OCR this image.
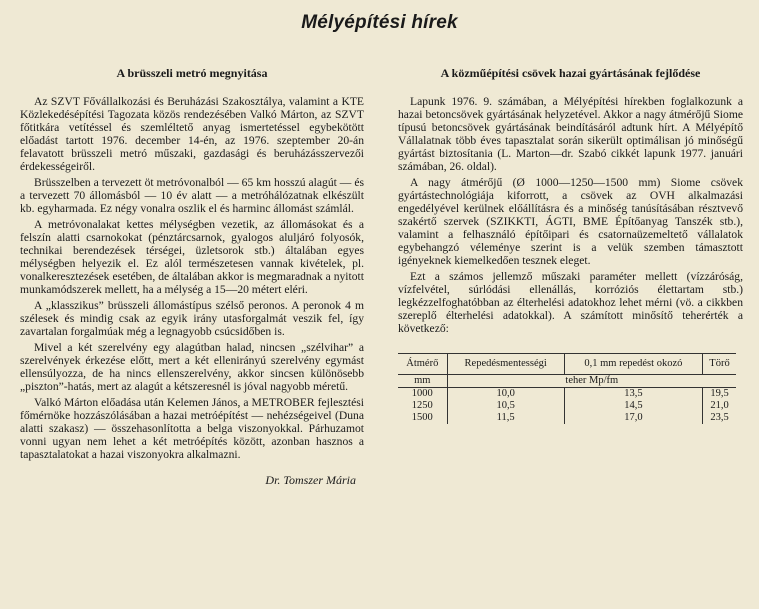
Mélyépítési hírek
A brüsszeli metró megnyitása

Az SZVT Fővállalkozási és Beruházási Szakosztálya, valamint a KTE Közlekedésépítési Tagozata közös rendezésében Valkó Márton, az SZVT főtitkára vetítéssel és szemléltető anyag ismertetéssel egybekötött előadást tartott 1976. december 14-én, az 1976. szeptember 20-án felavatott brüsszeli metró műszaki, gazdasági és beruházásszervezői érdekességeiről.

Brüsszelben a tervezett öt metróvonalból — 65 km hosszú alagút — és a tervezett 70 állomásból — 10 év alatt — a metróhálózatnak elkészült kb. egyharmada. Ez négy vonalra oszlik el és harminc állomást számlál.

A metróvonalakat kettes mélységben vezetik, az állomásokat és a felszín alatti csarnokokat (pénztárcsarnok, gyalogos aluljáró folyosók, technikai berendezések térségei, üzletsorok stb.) általában egyes mélységben helyezik el. Ez alól természetesen vannak kivételek, pl. vonalkeresztezések esetében, de általában akkor is megmaradnak a nyitott munkamódszerek mellett, ha a mélység a 15—20 métert eléri.

A „klasszikus” brüsszeli állomástípus szélső peronos. A peronok 4 m szélesek és mindig csak az egyik irány utasforgalmát veszik fel, így zavartalan forgalmúak még a legnagyobb csúcsidőben is.

Mivel a két szerelvény egy alagútban halad, nincsen „szélvihar” a szerelvények érkezése előtt, mert a két ellenirányú szerelvény egymást ellensúlyozza, de ha nincs ellenszerelvény, akkor sincsen különösebb „piszton”-hatás, mert az alagút a kétszeresnél is jóval nagyobb méretű.

Valkó Márton előadása után Kelemen János, a METROBER fejlesztési főmérnöke hozzászólásában a hazai metróépítést — nehézségeivel (Duna alatti szakasz) — összehasonlította a belga viszonyokkal. Párhuzamot vonni ugyan nem lehet a két metróépítés között, azonban hasznos a tapasztalatokat a hazai viszonyokra alkalmazni.

Dr. Tomszer Mária
A közműépítési csövek hazai gyártásának fejlődése

Lapunk 1976. 9. számában, a Mélyépítési hírekben foglalkozunk a hazai betoncsövek gyártásának helyzetével. Akkor a nagy átmérőjű Siome típusú betoncsövek gyártásának beindításáról adtunk hírt. A Mélyépítő Vállalatnak több éves tapasztalat során sikerült optimálisan jó minőségű gyártást biztosítania (L. Marton—dr. Szabó cikkét lapunk 1977. januári számában, 26. oldal).

A nagy átmérőjű (Ø 1000—1250—1500 mm) Siome csövek gyártástechnológiája kiforrott, a csövek az OVH alkalmazási engedélyével kerülnek előállításra és a minőség tanúsításában résztvevő szakértő szervek (SZIKKTI, ÁGTI, BME Építőanyag Tanszék stb.), valamint a felhasználó építőipari és csatornaüzemeltető vállalatok egybehangzó véleménye szerint is a velük szemben támasztott igényeknek kiemelkedően tesznek eleget.

Ezt a számos jellemző műszaki paraméter mellett (vízzáróság, vízfelvétel, súrlódási ellenállás, korróziós élettartam stb.) legkézzelfoghatóbban az élterhelési adatokhoz lehet mérni (vö. a cikkben szereplő élterhelési adatokkal). A számított minősítő teherérték a következő:

Átmérő	Repedésmentességi	0,1 mm repedést okozó	Törő
mm	teher Mp/fm		
1000	10,0	13,5	19,5
1250	10,5	14,5	21,0
1500	11,5	17,0	23,5
